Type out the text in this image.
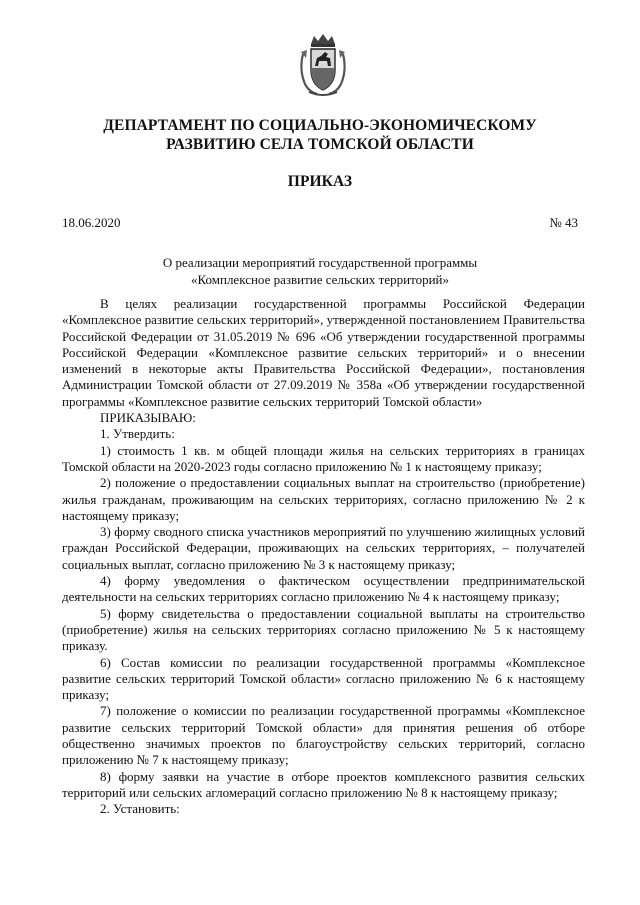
ДЕПАРТАМЕНТ ПО СОЦИАЛЬНО-ЭКОНОМИЧЕСКОМУ
РАЗВИТИЮ СЕЛА ТОМСКОЙ ОБЛАСТИ
ПРИКАЗ
18.06.2020	№ 43
О реализации мероприятий государственной программы
«Комплексное развитие сельских территорий»

В целях реализации государственной программы Российской Федерации «Комплексное развитие сельских территорий», утвержденной постановлением Правительства Российской Федерации от 31.05.2019 № 696 «Об утверждении государственной программы Российской Федерации «Комплексное развитие сельских территорий» и о внесении изменений в некоторые акты Правительства Российской Федерации», постановления Администрации Томской области от 27.09.2019 № 358а «Об утверждении государственной программы «Комплексное развитие сельских территорий Томской области»

ПРИКАЗЫВАЮ:

1. Утвердить:

1) стоимость 1 кв. м общей площади жилья на сельских территориях в границах Томской области на 2020-2023 годы согласно приложению № 1 к настоящему приказу;

2) положение о предоставлении социальных выплат на строительство (приобретение) жилья гражданам, проживающим на сельских территориях, согласно приложению № 2 к настоящему приказу;

3) форму сводного списка участников мероприятий по улучшению жилищных условий граждан Российской Федерации, проживающих на сельских территориях, – получателей социальных выплат, согласно приложению № 3 к настоящему приказу;

4) форму уведомления о фактическом осуществлении предпринимательской деятельности на сельских территориях согласно приложению № 4 к настоящему приказу;

5) форму свидетельства о предоставлении социальной выплаты на строительство (приобретение) жилья на сельских территориях согласно приложению № 5 к настоящему приказу.

6) Состав комиссии по реализации государственной программы «Комплексное развитие сельских территорий Томской области» согласно приложению № 6 к настоящему приказу;

7) положение о комиссии по реализации государственной программы «Комплексное развитие сельских территорий Томской области» для принятия решения об отборе общественно значимых проектов по благоустройству сельских территорий, согласно приложению № 7 к настоящему приказу;

8) форму заявки на участие в отборе проектов комплексного развития сельских территорий или сельских агломераций согласно приложению № 8 к настоящему приказу;

2. Установить:
